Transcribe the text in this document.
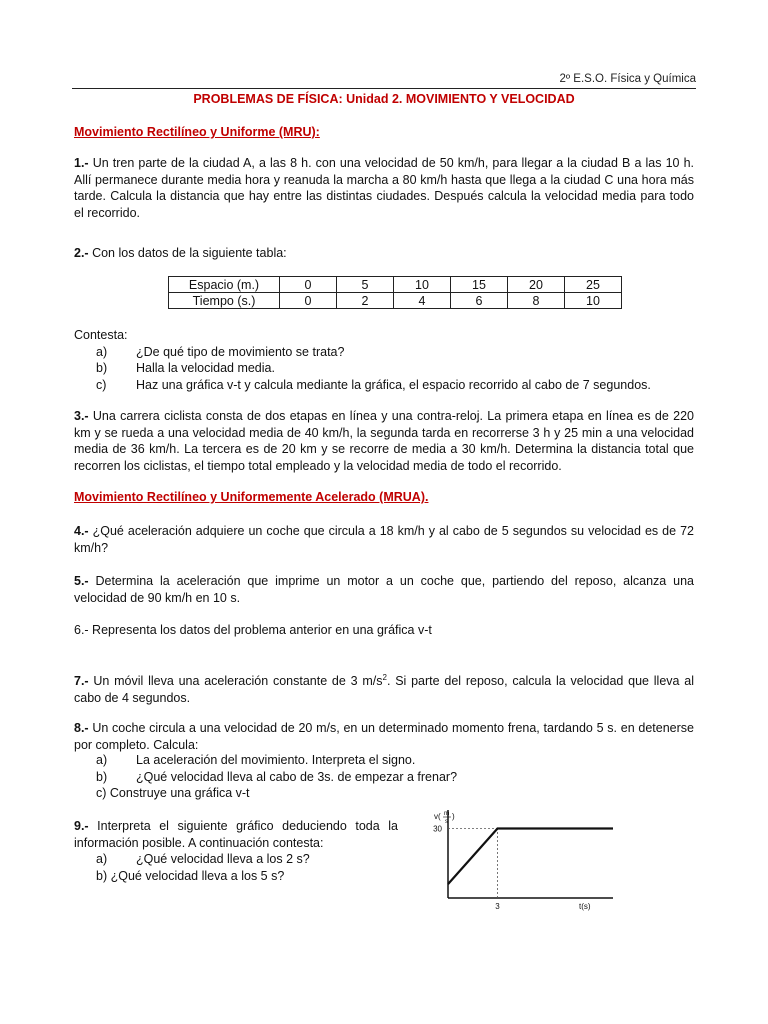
2º E.S.O. Física y Química
PROBLEMAS DE FÍSICA: Unidad 2. MOVIMIENTO Y VELOCIDAD
Movimiento Rectilíneo y Uniforme (MRU):
1.- Un tren parte de la ciudad A, a las 8 h. con una velocidad de 50 km/h, para llegar a la ciudad B a las 10 h. Allí permanece durante media hora y reanuda la marcha a 80 km/h hasta que llega a la ciudad C una hora más tarde. Calcula la distancia que hay entre las distintas ciudades. Después calcula la velocidad media para todo el recorrido.
2.- Con los datos de la siguiente tabla:
Espacio (m.)	0	5	10	15	20	25
Tiempo (s.)	0	2	4	6	8	10
Contesta:
a)	¿De qué tipo de movimiento se trata?
b)	Halla la velocidad media.
c)	Haz una gráfica v-t y calcula mediante la gráfica, el espacio recorrido al cabo de 7 segundos.
3.- Una carrera ciclista consta de dos etapas en línea y una contra-reloj. La primera etapa en línea es de 220 km y se rueda a una velocidad media de 40 km/h, la segunda tarda en recorrerse 3 h y 25 min a una velocidad media de 36 km/h. La tercera es de 20 km y se recorre de media a 30 km/h. Determina la distancia total que recorren los ciclistas, el tiempo total empleado y la velocidad media de todo el recorrido.
Movimiento Rectilíneo y Uniformemente Acelerado (MRUA).
4.- ¿Qué aceleración adquiere un coche que circula a 18 km/h y al cabo de 5 segundos su velocidad es de 72 km/h?
5.- Determina la aceleración que imprime un motor a un coche que, partiendo del reposo, alcanza una velocidad de 90 km/h en 10 s.
6.- Representa los datos del problema anterior en una gráfica v-t
7.- Un móvil lleva una aceleración constante de 3 $m/s^2$. Si parte del reposo, calcula la velocidad que lleva al cabo de 4 segundos.
8.- Un coche circula a una velocidad de 20 m/s, en un determinado momento frena, tardando 5 s. en detenerse por completo. Calcula:
a)	La aceleración del movimiento. Interpreta el signo.
b)	¿Qué velocidad lleva al cabo de 3s. de empezar a frenar?
c) Construye una gráfica v-t
9.- Interpreta el siguiente gráfico deduciendo toda la información posible. A continuación contesta:
a)	¿Qué velocidad lleva a los 2 s?
b) ¿Qué velocidad lleva a los 5 s?
30
3	t(s)
v( m
s
)
